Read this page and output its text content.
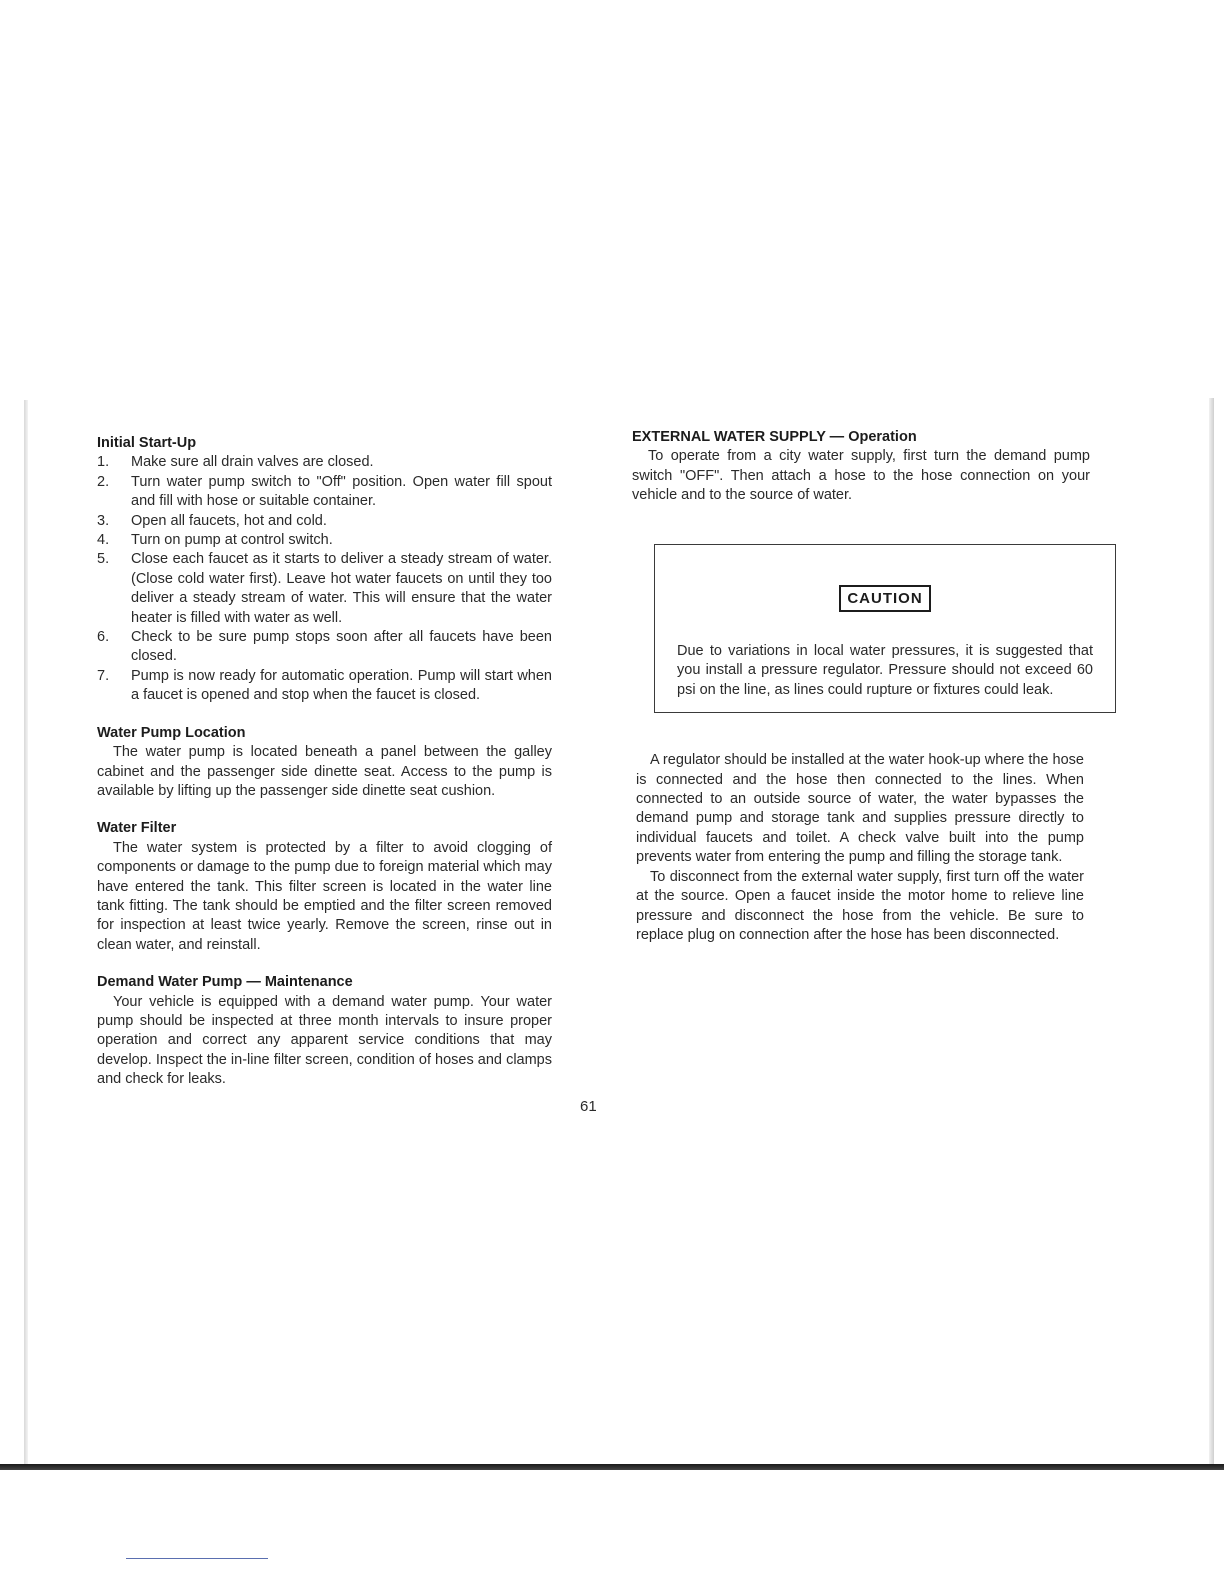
Initial Start-Up

1.	Make sure all drain valves are closed.
2.	Turn water pump switch to "Off" position. Open water fill spout and fill with hose or suitable container.
3.	Open all faucets, hot and cold.
4.	Turn on pump at control switch.
5.	Close each faucet as it starts to deliver a steady stream of water. (Close cold water first). Leave hot water faucets on until they too deliver a steady stream of water. This will ensure that the water heater is filled with water as well.
6.	Check to be sure pump stops soon after all faucets have been closed.
7.	Pump is now ready for automatic operation. Pump will start when a faucet is opened and stop when the faucet is closed.

Water Pump Location

The water pump is located beneath a panel between the galley cabinet and the passenger side dinette seat. Access to the pump is available by lifting up the passenger side dinette seat cushion.

Water Filter

The water system is protected by a filter to avoid clogging of components or damage to the pump due to foreign material which may have entered the tank. This filter screen is located in the water line tank fitting. The tank should be emptied and the filter screen removed for inspection at least twice yearly. Remove the screen, rinse out in clean water, and reinstall.

Demand Water Pump — Maintenance

Your vehicle is equipped with a demand water pump. Your water pump should be inspected at three month intervals to insure proper operation and correct any apparent service conditions that may develop. Inspect the in-line filter screen, condition of hoses and clamps and check for leaks.

EXTERNAL WATER SUPPLY — Operation

To operate from a city water supply, first turn the demand pump switch "OFF". Then attach a hose to the hose connection on your vehicle and to the source of water.

CAUTION

Due to variations in local water pressures, it is suggested that you install a pressure regulator. Pressure should not exceed 60 psi on the line, as lines could rupture or fixtures could leak.

A regulator should be installed at the water hook-up where the hose is connected and the hose then connected to the lines. When connected to an outside source of water, the water bypasses the demand pump and storage tank and supplies pressure directly to individual faucets and toilet. A check valve built into the pump prevents water from entering the pump and filling the storage tank.

To disconnect from the external water supply, first turn off the water at the source. Open a faucet inside the motor home to relieve line pressure and disconnect the hose from the vehicle. Be sure to replace plug on connection after the hose has been disconnected.

61
